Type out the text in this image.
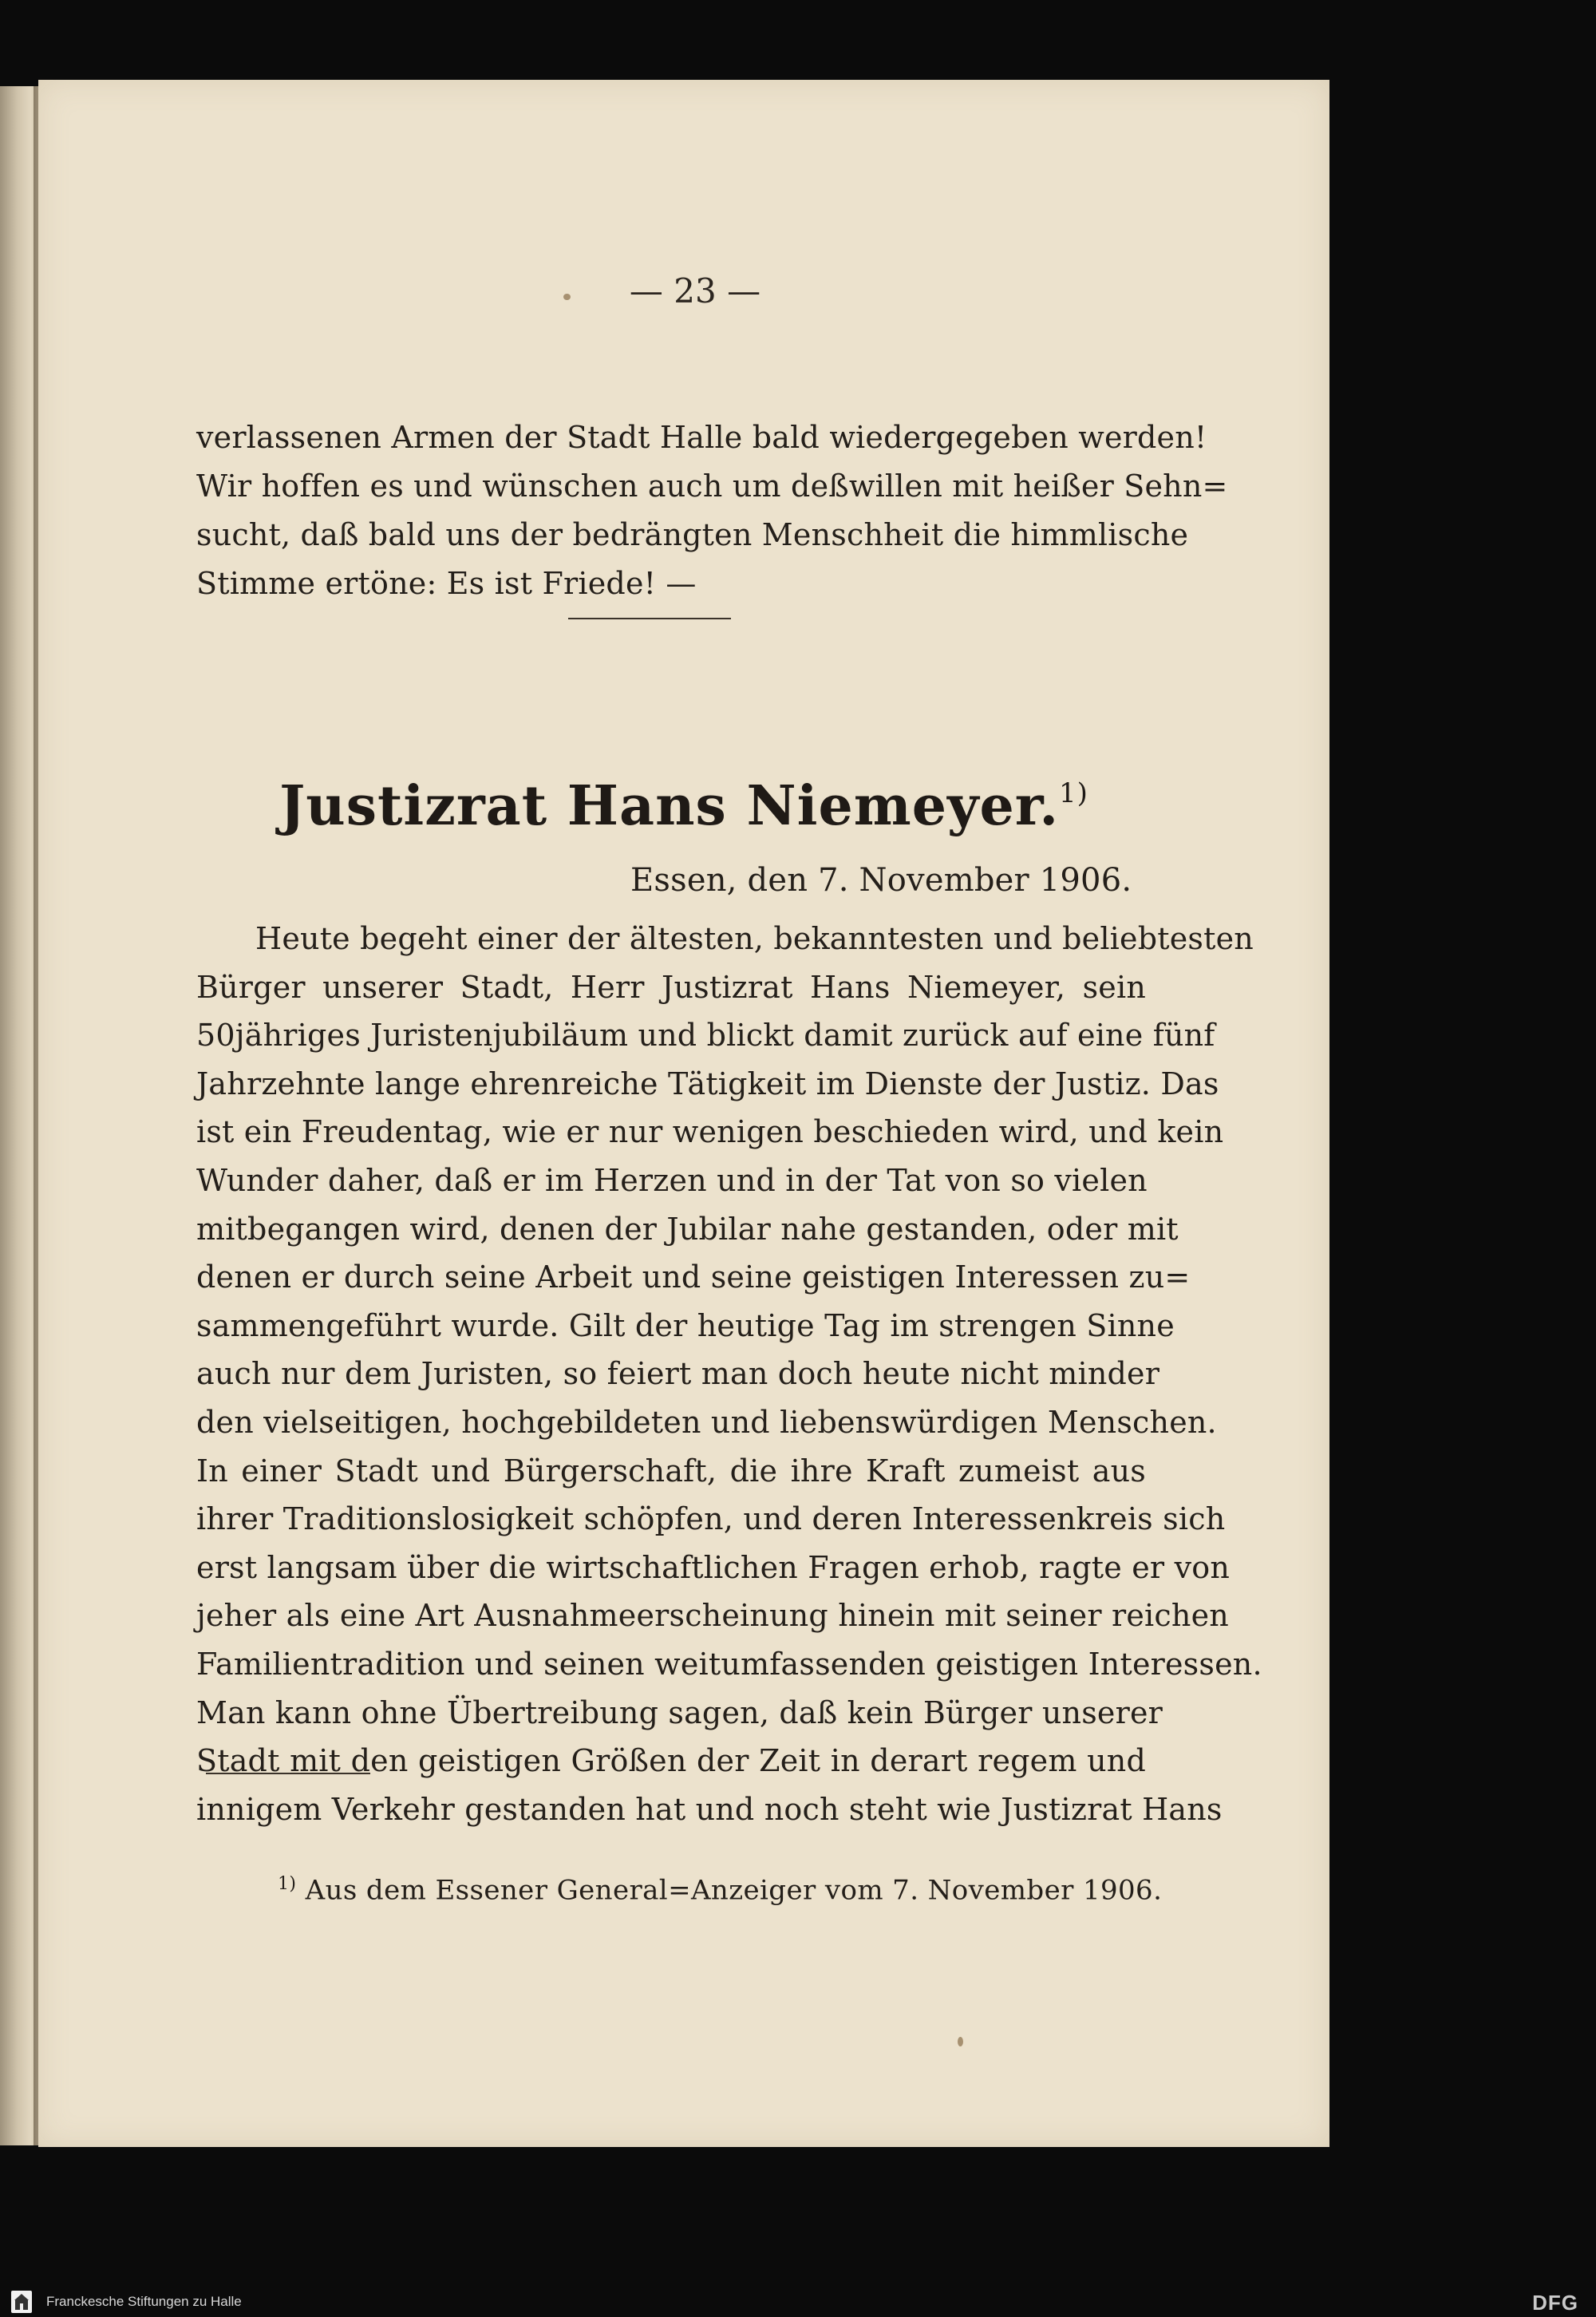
— 23 —
verlassenen Armen der Stadt Halle bald wiedergegeben werden!
Wir hoffen es und wünschen auch um deßwillen mit heißer Sehn=
sucht, daß bald uns der bedrängten Menschheit die himmlische
Stimme ertöne: Es ist Friede! —
Justizrat Hans Niemeyer.$^{1)}$
Essen, den 7. November 1906.
Heute begeht einer der ältesten, bekanntesten und beliebtesten
Bürger unserer Stadt, Herr Justizrat Hans Niemeyer, sein
50jähriges Juristenjubiläum und blickt damit zurück auf eine fünf
Jahrzehnte lange ehrenreiche Tätigkeit im Dienste der Justiz. Das
ist ein Freudentag, wie er nur wenigen beschieden wird, und kein
Wunder daher, daß er im Herzen und in der Tat von so vielen
mitbegangen wird, denen der Jubilar nahe gestanden, oder mit
denen er durch seine Arbeit und seine geistigen Interessen zu=
sammengeführt wurde. Gilt der heutige Tag im strengen Sinne
auch nur dem Juristen, so feiert man doch heute nicht minder
den vielseitigen, hochgebildeten und liebenswürdigen Menschen.
In einer Stadt und Bürgerschaft, die ihre Kraft zumeist aus
ihrer Traditionslosigkeit schöpfen, und deren Interessenkreis sich
erst langsam über die wirtschaftlichen Fragen erhob, ragte er von
jeher als eine Art Ausnahmeerscheinung hinein mit seiner reichen
Familientradition und seinen weitumfassenden geistigen Interessen.
Man kann ohne Übertreibung sagen, daß kein Bürger unserer
Stadt mit den geistigen Größen der Zeit in derart regem und
innigem Verkehr gestanden hat und noch steht wie Justizrat Hans
$^{1)}$ Aus dem Essener General=Anzeiger vom 7. November 1906.
Franckesche Stiftungen zu Halle	DFG
